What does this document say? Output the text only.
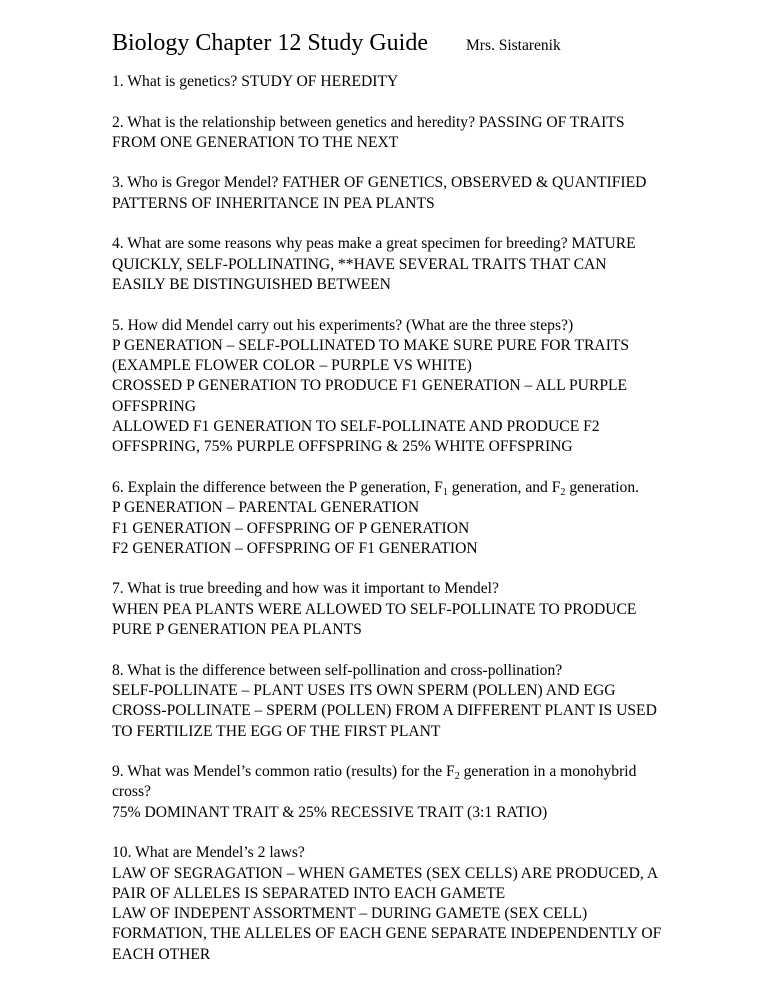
Biology Chapter 12 Study Guide Mrs. Sistarenik
1. What is genetics? STUDY OF HEREDITY
2. What is the relationship between genetics and heredity? PASSING OF TRAITS
FROM ONE GENERATION TO THE NEXT
3. Who is Gregor Mendel? FATHER OF GENETICS, OBSERVED & QUANTIFIED
PATTERNS OF INHERITANCE IN PEA PLANTS
4. What are some reasons why peas make a great specimen for breeding? MATURE
QUICKLY, SELF-POLLINATING, **HAVE SEVERAL TRAITS THAT CAN
EASILY BE DISTINGUISHED BETWEEN
5. How did Mendel carry out his experiments? (What are the three steps?)
P GENERATION – SELF-POLLINATED TO MAKE SURE PURE FOR TRAITS
(EXAMPLE FLOWER COLOR – PURPLE VS WHITE)
CROSSED P GENERATION TO PRODUCE F1 GENERATION – ALL PURPLE
OFFSPRING
ALLOWED F1 GENERATION TO SELF-POLLINATE AND PRODUCE F2
OFFSPRING, 75% PURPLE OFFSPRING & 25% WHITE OFFSPRING
6. Explain the difference between the P generation, $F_1$ generation, and $F_2$ generation.
P GENERATION – PARENTAL GENERATION
F1 GENERATION – OFFSPRING OF P GENERATION
F2 GENERATION – OFFSPRING OF F1 GENERATION
7. What is true breeding and how was it important to Mendel?
WHEN PEA PLANTS WERE ALLOWED TO SELF-POLLINATE TO PRODUCE
PURE P GENERATION PEA PLANTS
8. What is the difference between self-pollination and cross-pollination?
SELF-POLLINATE – PLANT USES ITS OWN SPERM (POLLEN) AND EGG
CROSS-POLLINATE – SPERM (POLLEN) FROM A DIFFERENT PLANT IS USED
TO FERTILIZE THE EGG OF THE FIRST PLANT
9. What was Mendel’s common ratio (results) for the $F_2$ generation in a monohybrid
cross?
75% DOMINANT TRAIT & 25% RECESSIVE TRAIT (3:1 RATIO)
10. What are Mendel’s 2 laws?
LAW OF SEGRAGATION – WHEN GAMETES (SEX CELLS) ARE PRODUCED, A
PAIR OF ALLELES IS SEPARATED INTO EACH GAMETE
LAW OF INDEPENT ASSORTMENT – DURING GAMETE (SEX CELL)
FORMATION, THE ALLELES OF EACH GENE SEPARATE INDEPENDENTLY OF
EACH OTHER
